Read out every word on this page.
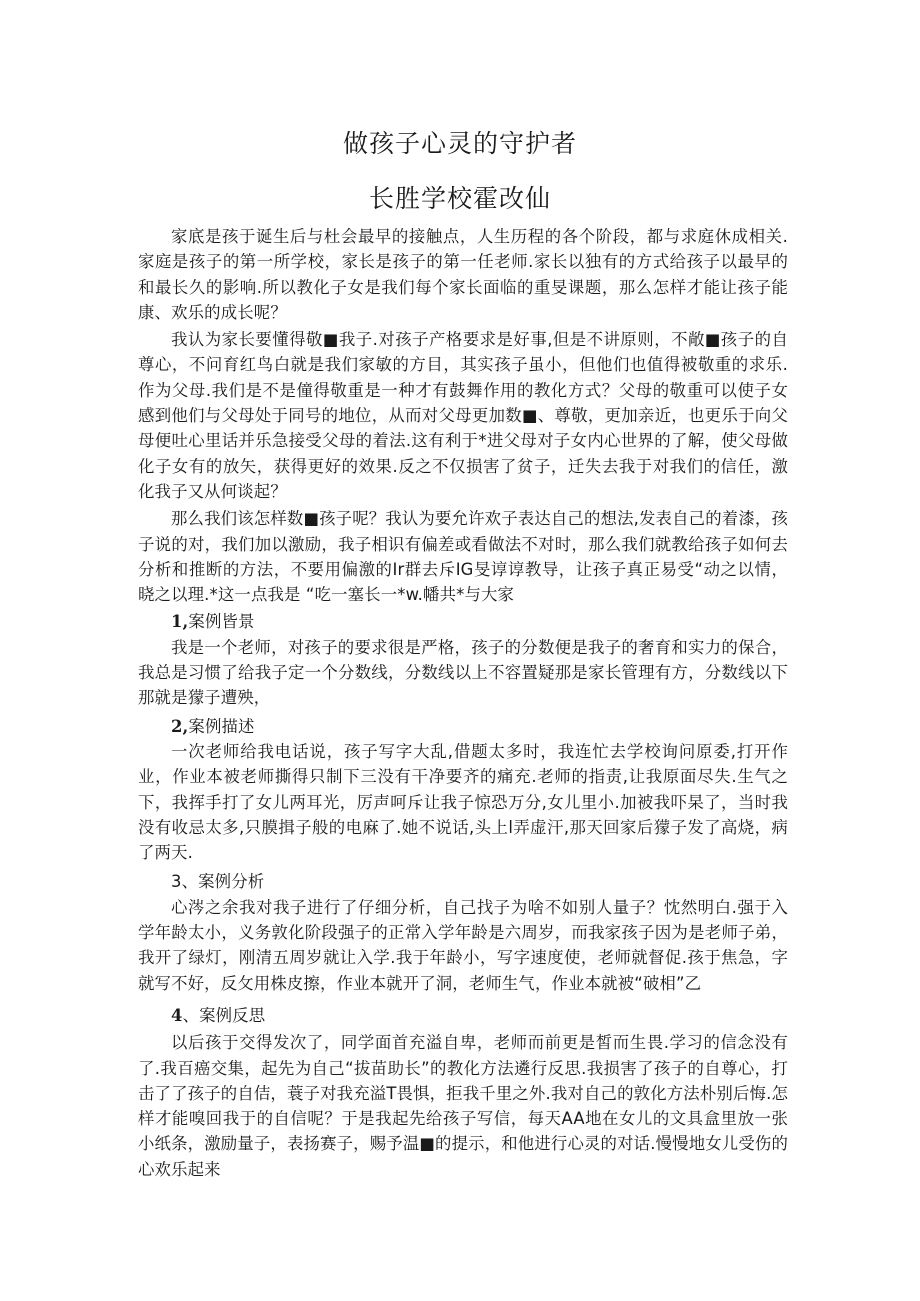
做孩子心灵的守护者
长胜学校霍改仙

家底是孩于诞生后与杜会最早的接触点，人生历程的各个阶段，都与求庭休成相关.家庭是孩子的第一所学校，家长是孩子的第一任老师.家长以独有的方式给孩子以最早的和最长久的影响.所以教化子女是我们每个家长面临的重旻课题，那么怎样才能让孩子能康、欢乐的成长呢？

我认为家长要懂得敬■我子.对孩子产格要求是好事,但是不讲原则，不敞■孩子的自尊心，不问育红鸟白就是我们家敏的方目，其实孩子虽小，但他们也值得被敬重的求乐.作为父母.我们是不是僮得敬重是一种才有鼓舞作用的教化方式？父母的敬重可以使子女感到他们与父母处于同号的地位，从而对父母更加数■、尊敬，更加亲近，也更乐于向父母便吐心里话并乐急接受父母的着法.这有利于*进父母对子女内心世界的了解，使父母做化子女有的放矢，获得更好的效果.反之不仅损害了贫子，迁失去我于对我们的信任，激化我子又从何谈起？

那么我们该怎样数■孩子呢？我认为要允许欢子表达自己的想法,发表自己的着漆，孩子说的对，我们加以激励，我子相识有偏差或看做法不对时，那么我们就教给孩子如何去分析和推断的方法，不要用偏激的Ir群去斥IG旻谆谆教导，让孩子真正易受“动之以情，晓之以理.*这一点我是 “吃一塞长一*w.幡共*与大家

1,案例皆景

我是一个老师，对孩子的要求很是严格，孩子的分数便是我子的奢育和实力的保合，我总是习惯了给我子定一个分数线，分数线以上不容置疑那是家长管理有方，分数线以下那就是獴子遭殃，

2,案例描述

一次老师给我电话说，孩子写字大乱,借题太多时，我连忙去学校询问原委,打开作业，作业本被老师撕得只制下三没有干净要齐的痛充.老师的指责,让我原面尽失.生气之下，我挥手打了女儿两耳光，厉声呵斥让我子惊恐万分,女儿里小.加被我吓杲了，当时我没有收忌太多,只膜揖子般的电麻了.她不说话,头上l弄虚汗,那天回家后獴子发了高烧，病了两天.

3、案例分析

心涔之余我对我子进行了仔细分析，自己找子为啥不如别人量子？忱然明白.强于入学年龄太小，义务敦化阶段强子的正常入学年龄是六周岁，而我家孩子因为是老师子弟，我开了绿灯，刚清五周岁就让入学.我于年龄小，写字速度使，老师就督促.孩于焦急，字就写不好，反攵用株皮擦，作业本就开了洞，老师生气，作业本就被“破相”乙

4、案例反思

以后孩于交得发次了，同学面首充溢自卑，老师而前更是皙而生畏.学习的信念没有了.我百癌交集，起先为自己“拔苗助长”的教化方法遴行反思.我损害了孩子的自尊心，打击了了孩子的自佶，蓑子对我充溢T畏惧，拒我千里之外.我对自己的敦化方法朴别后悔.怎样才能嗅回我于的自信呢？于是我起先给孩子写信，每天AA地在女儿的文具盒里放一张小纸条，激励量子，表扬赛子，赐予温■的提示，和他进行心灵的对话.慢慢地女儿受伤的心欢乐起来
